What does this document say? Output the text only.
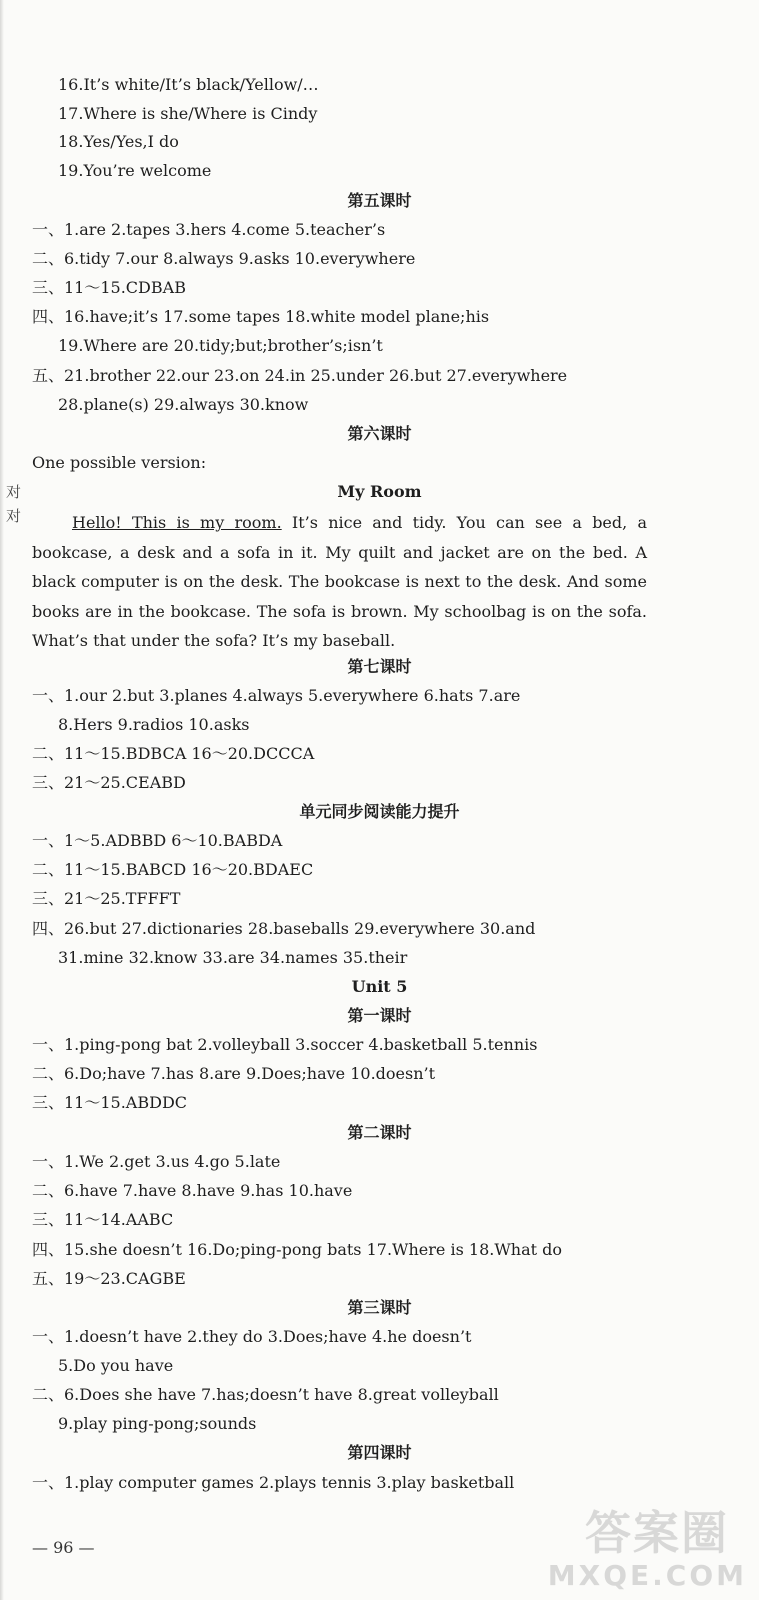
16.It’s white/It’s black/Yellow/…
17.Where is she/Where is Cindy
18.Yes/Yes,I do
19.You’re welcome
第五课时
一、1.are 2.tapes 3.hers 4.come 5.teacher’s
二、6.tidy 7.our 8.always 9.asks 10.everywhere
三、11～15.CDBAB
四、16.have;it’s 17.some tapes 18.white model plane;his
19.Where are 20.tidy;but;brother’s;isn’t
五、21.brother 22.our 23.on 24.in 25.under 26.but 27.everywhere
28.plane(s) 29.always 30.know
第六课时
One possible version:
My Room
对
对	Hello! This is my room. It’s nice and tidy. You can see a bed, a bookcase, a desk and a sofa in it. My quilt and jacket are on the bed. A black computer is on the desk. The bookcase is next to the desk. And some books are in the bookcase. The sofa is brown. My schoolbag is on the sofa. What’s that under the sofa? It’s my baseball.
第七课时
一、1.our 2.but 3.planes 4.always 5.everywhere 6.hats 7.are
8.Hers 9.radios 10.asks
二、11～15.BDBCA 16～20.DCCCA
三、21～25.CEABD
单元同步阅读能力提升
一、1～5.ADBBD 6～10.BABDA
二、11～15.BABCD 16～20.BDAEC
三、21～25.TFFFT
四、26.but 27.dictionaries 28.baseballs 29.everywhere 30.and
31.mine 32.know 33.are 34.names 35.their
Unit 5
第一课时
一、1.ping-pong bat 2.volleyball 3.soccer 4.basketball 5.tennis
二、6.Do;have 7.has 8.are 9.Does;have 10.doesn’t
三、11～15.ABDDC
第二课时
一、1.We 2.get 3.us 4.go 5.late
二、6.have 7.have 8.have 9.has 10.have
三、11～14.AABC
四、15.she doesn’t 16.Do;ping-pong bats 17.Where is 18.What do
五、19～23.CAGBE
第三课时
一、1.doesn’t have 2.they do 3.Does;have 4.he doesn’t
5.Do you have
二、6.Does she have 7.has;doesn’t have 8.great volleyball
9.play ping-pong;sounds
第四课时
一、1.play computer games 2.plays tennis 3.play basketball
— 96 —	答案圈
MXQE.COM
